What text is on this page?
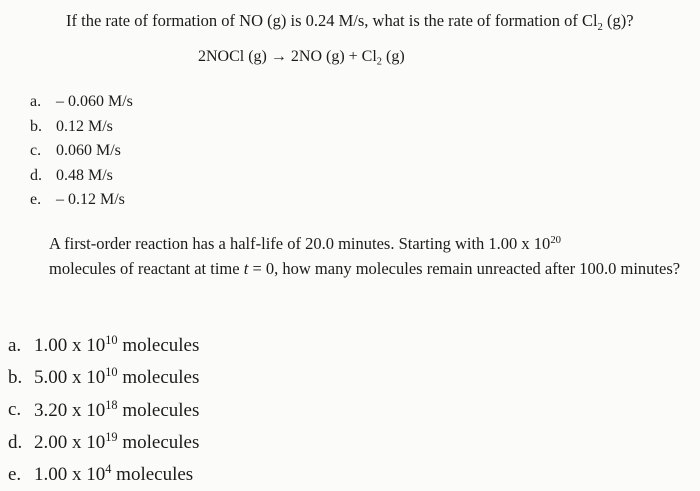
If the rate of formation of NO (g) is 0.24 M/s, what is the rate of formation of $Cl_2$ (g)?
2NOCl (g) → 2NO $(g) + Cl_2$ (g)
a. – 0.060 M/s
b. 0.12 M/s
c. 0.060 M/s
d. 0.48 M/s
e. – 0.12 M/s
A first-order reaction has a half-life of 20.0 minutes. Starting with 1.00 x $10^{20}$
molecules of reactant at time t = 0, how many molecules remain unreacted after 100.0 minutes?
a. 1.00 x $10^{10}$ molecules
b. 5.00 x $10^{10}$ molecules
c. 3.20 x $10^{18}$ molecules
d. 2.00 x $10^{19}$ molecules
e. 1.00 x $10^4$ molecules
